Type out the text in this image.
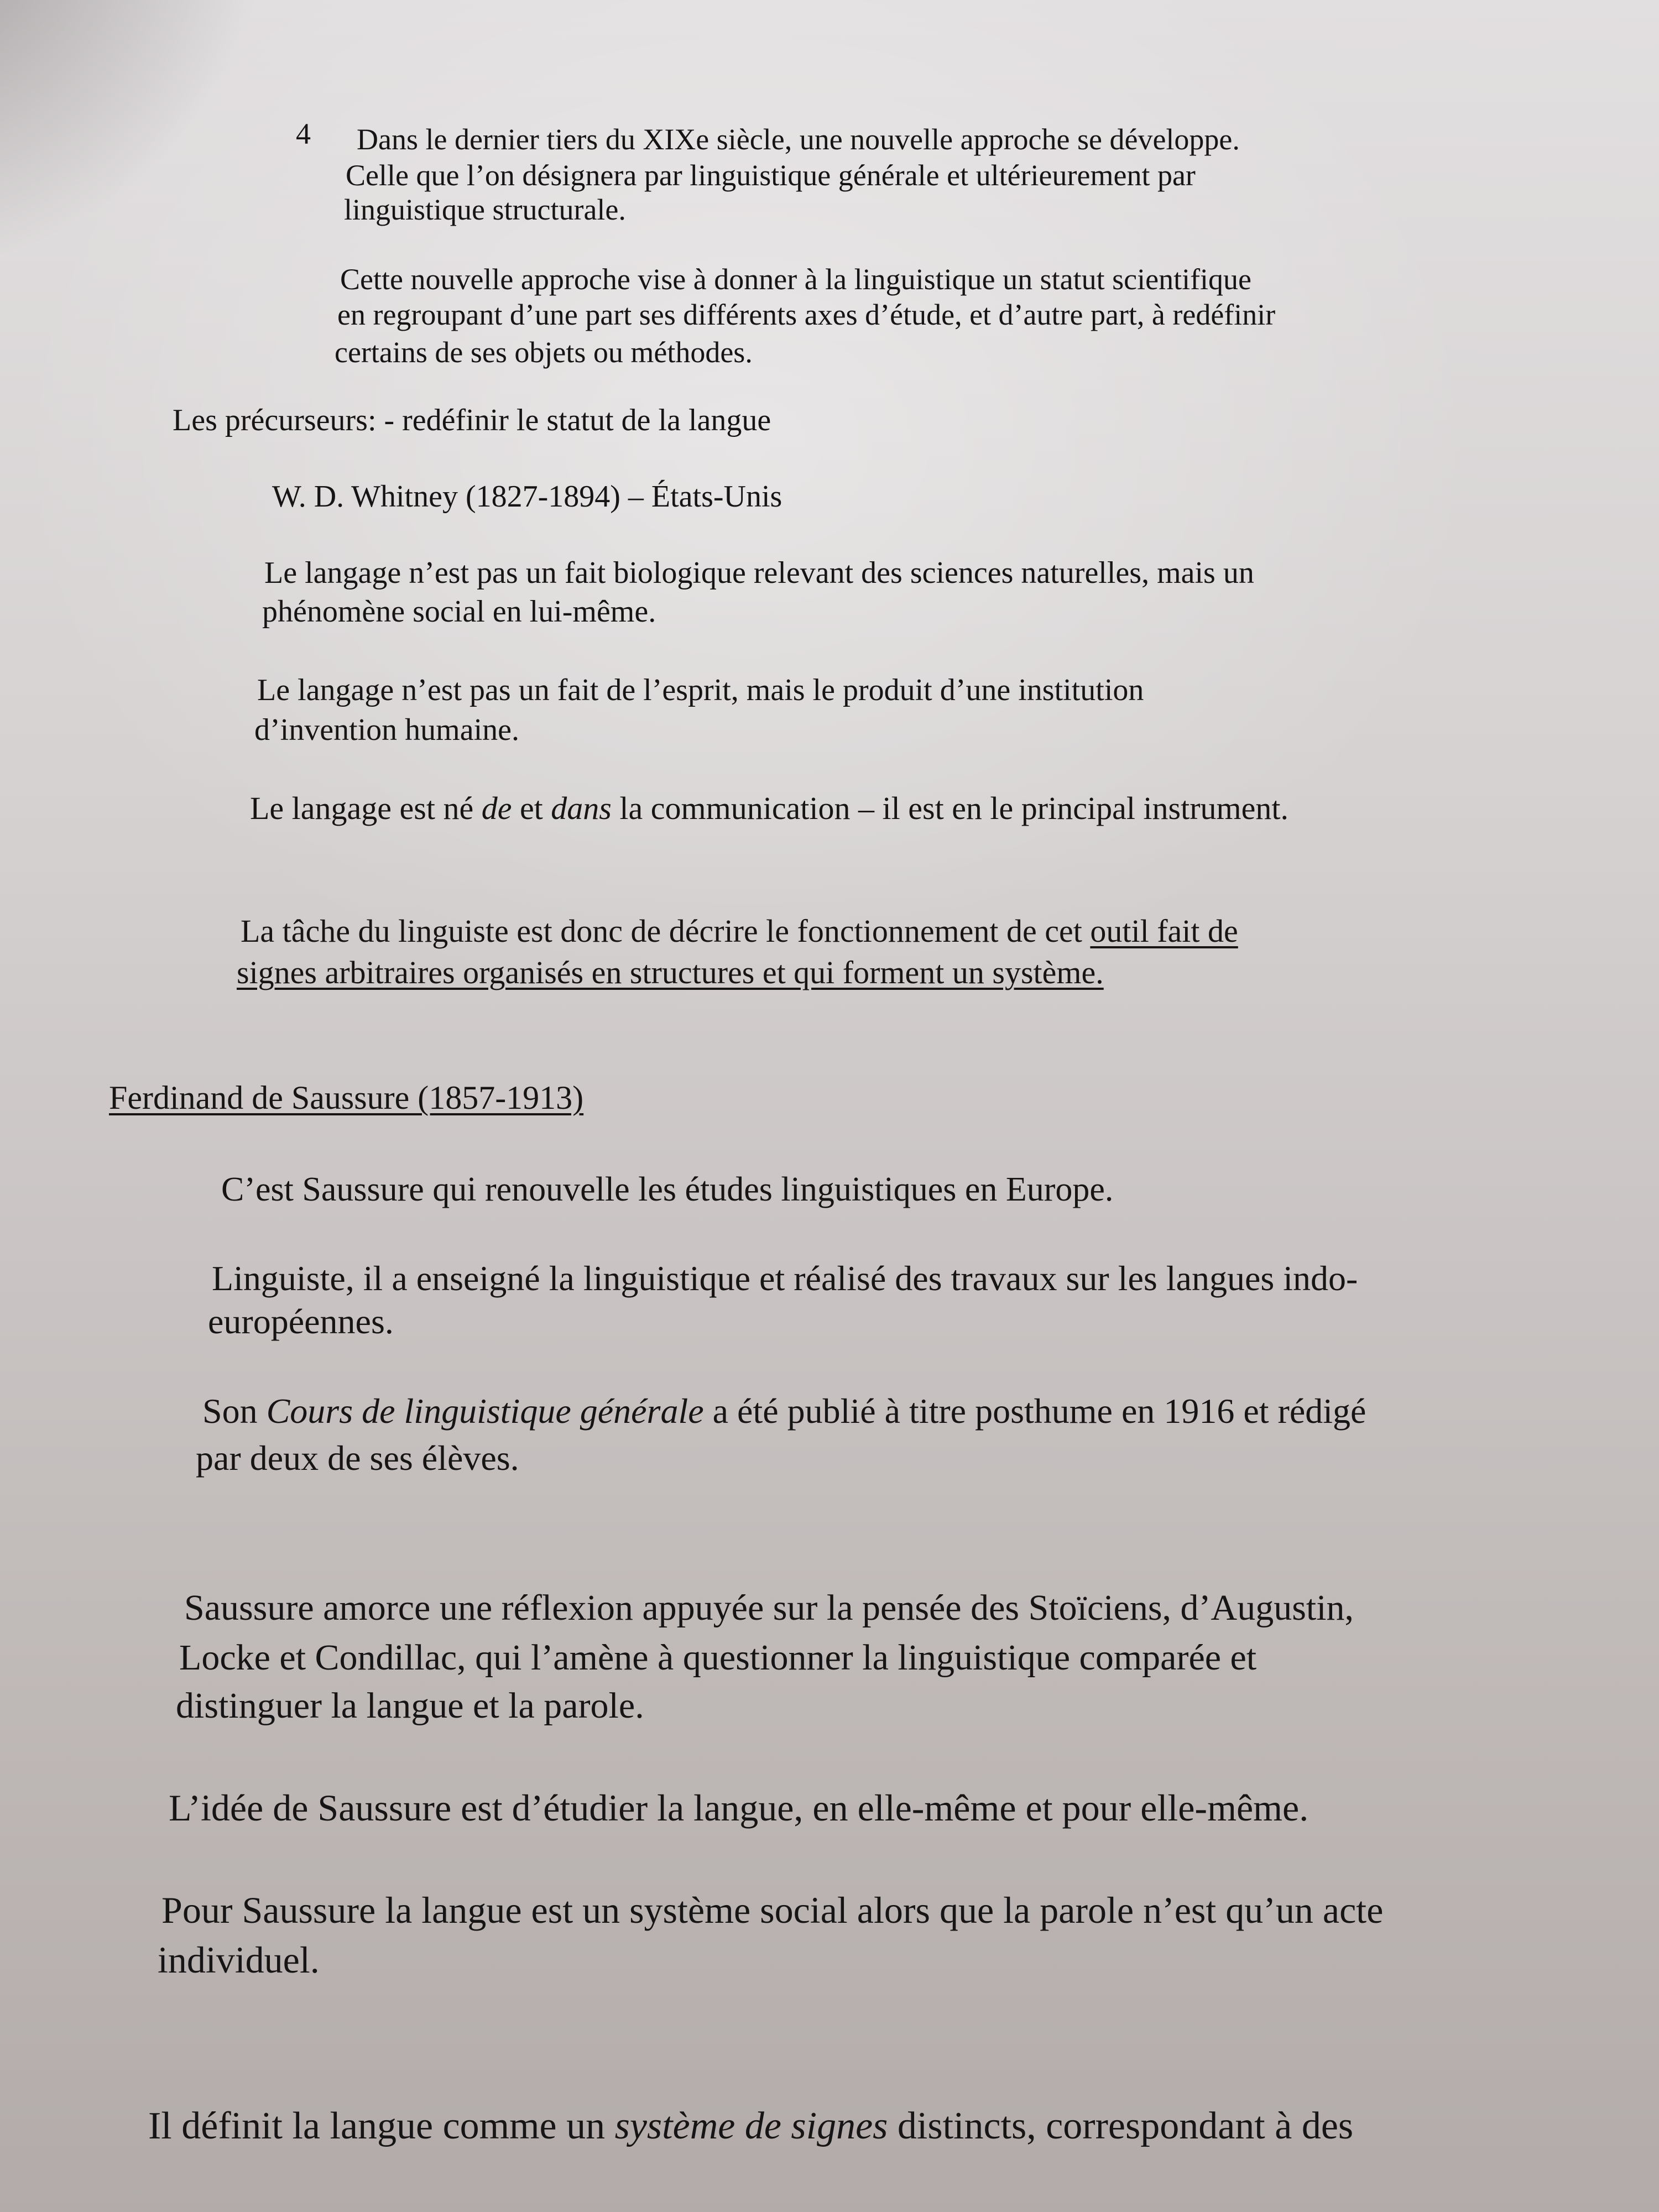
4 Dans le dernier tiers du XIXe siècle, une nouvelle approche se développe.
Celle que l’on désignera par linguistique générale et ultérieurement par
linguistique structurale.
Cette nouvelle approche vise à donner à la linguistique un statut scientifique
en regroupant d’une part ses différents axes d’étude, et d’autre part, à redéfinir
certains de ses objets ou méthodes.
Les précurseurs: - redéfinir le statut de la langue
W. D. Whitney (1827-1894) – États-Unis
Le langage n’est pas un fait biologique relevant des sciences naturelles, mais un
phénomène social en lui-même.
Le langage n’est pas un fait de l’esprit, mais le produit d’une institution
d’invention humaine.
Le langage est né de et dans la communication – il est en le principal instrument.
La tâche du linguiste est donc de décrire le fonctionnement de cet outil fait de
signes arbitraires organisés en structures et qui forment un système.
Ferdinand de Saussure (1857-1913)
C’est Saussure qui renouvelle les études linguistiques en Europe.
Linguiste, il a enseigné la linguistique et réalisé des travaux sur les langues indo-
européennes.
Son Cours de linguistique générale a été publié à titre posthume en 1916 et rédigé
par deux de ses élèves.
Saussure amorce une réflexion appuyée sur la pensée des Stoïciens, d’Augustin,
Locke et Condillac, qui l’amène à questionner la linguistique comparée et
distinguer la langue et la parole.
L’idée de Saussure est d’étudier la langue, en elle-même et pour elle-même.
Pour Saussure la langue est un système social alors que la parole n’est qu’un acte
individuel.
Il définit la langue comme un système de signes distincts, correspondant à des
